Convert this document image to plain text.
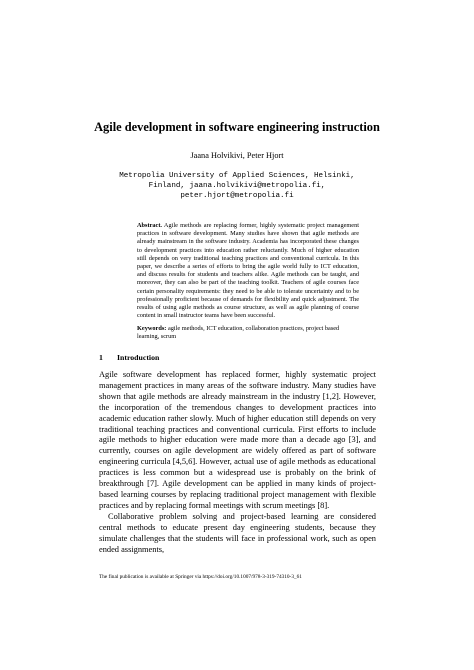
Agile development in software engineering instruction
Jaana Holvikivi, Peter Hjort
Metropolia University of Applied Sciences, Helsinki,
Finland, jaana.holvikivi@metropolia.fi,
peter.hjort@metropolia.fi
Abstract. Agile methods are replacing former, highly systematic project management practices in software development. Many studies have shown that agile methods are already mainstream in the software industry. Academia has incorporated these changes to development practices into education rather reluctantly. Much of higher education still depends on very traditional teaching practices and conventional curricula. In this paper, we describe a series of efforts to bring the agile world fully to ICT education, and discuss results for students and teachers alike. Agile methods can be taught, and moreover, they can also be part of the teaching toolkit. Teachers of agile courses face certain personality requirements: they need to be able to tolerate uncertainty and to be professionally proficient because of demands for flexibility and quick adjustment. The results of using agile methods as course structure, as well as agile planning of course content in small instructor teams have been successful.
Keywords: agile methods, ICT education, collaboration practices, project based learning, scrum
1 Introduction

Agile software development has replaced former, highly systematic project management practices in many areas of the software industry. Many studies have shown that agile methods are already mainstream in the industry [1,2]. However, the incorporation of the tremendous changes to development practices into academic education rather slowly. Much of higher education still depends on very traditional teaching practices and conventional curricula. First efforts to include agile methods to higher education were made more than a decade ago [3], and currently, courses on agile development are widely offered as part of software engineering curricula [4,5,6]. However, actual use of agile methods as educational practices is less common but a widespread use is probably on the brink of breakthrough [7]. Agile development can be applied in many kinds of project-based learning courses by replacing traditional project management with flexible practices and by replacing formal meetings with scrum meetings [8].

Collaborative problem solving and project-based learning are considered central methods to educate present day engineering students, because they simulate challenges that the students will face in professional work, such as open ended assignments,

The final publication is available at Springer via https://doi.org/10.1007/978-3-319-74310-3_61
